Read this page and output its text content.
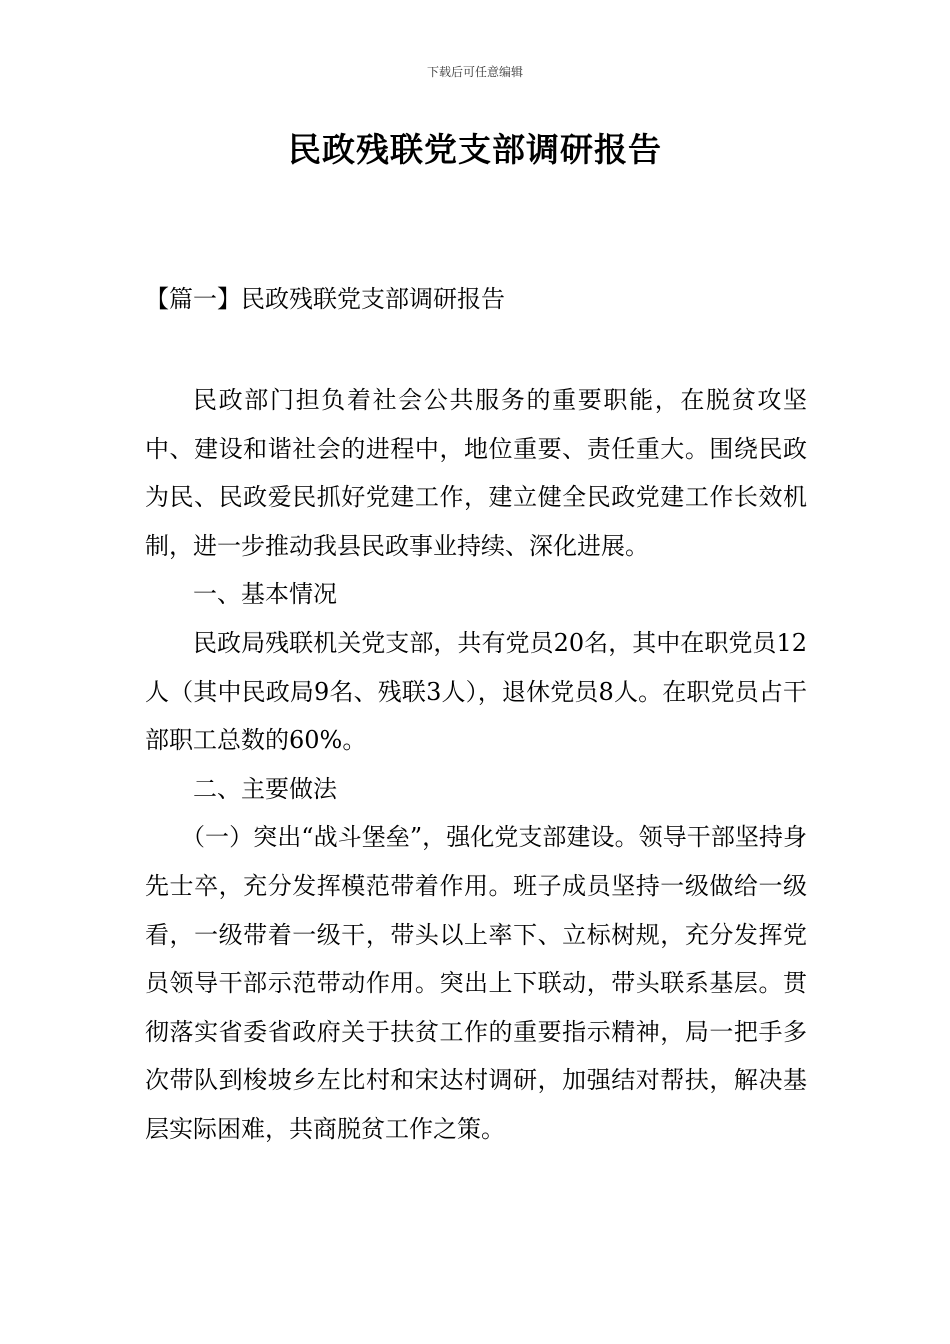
下载后可任意编辑
民政残联党支部调研报告
【篇一】民政残联党支部调研报告

民政部门担负着社会公共服务的重要职能，在脱贫攻坚中、建设和谐社会的进程中，地位重要、责任重大。围绕民政为民、民政爱民抓好党建工作，建立健全民政党建工作长效机制，进一步推动我县民政事业持续、深化进展。

一、基本情况

民政局残联机关党支部，共有党员20名，其中在职党员12人（其中民政局9名、残联3人），退休党员8人。在职党员占干部职工总数的60%。

二、主要做法

（一）突出“战斗堡垒”，强化党支部建设。领导干部坚持身先士卒，充分发挥模范带着作用。班子成员坚持一级做给一级看，一级带着一级干，带头以上率下、立标树规，充分发挥党员领导干部示范带动作用。突出上下联动，带头联系基层。贯彻落实省委省政府关于扶贫工作的重要指示精神，局一把手多次带队到梭坡乡左比村和宋达村调研，加强结对帮扶，解决基层实际困难，共商脱贫工作之策。
